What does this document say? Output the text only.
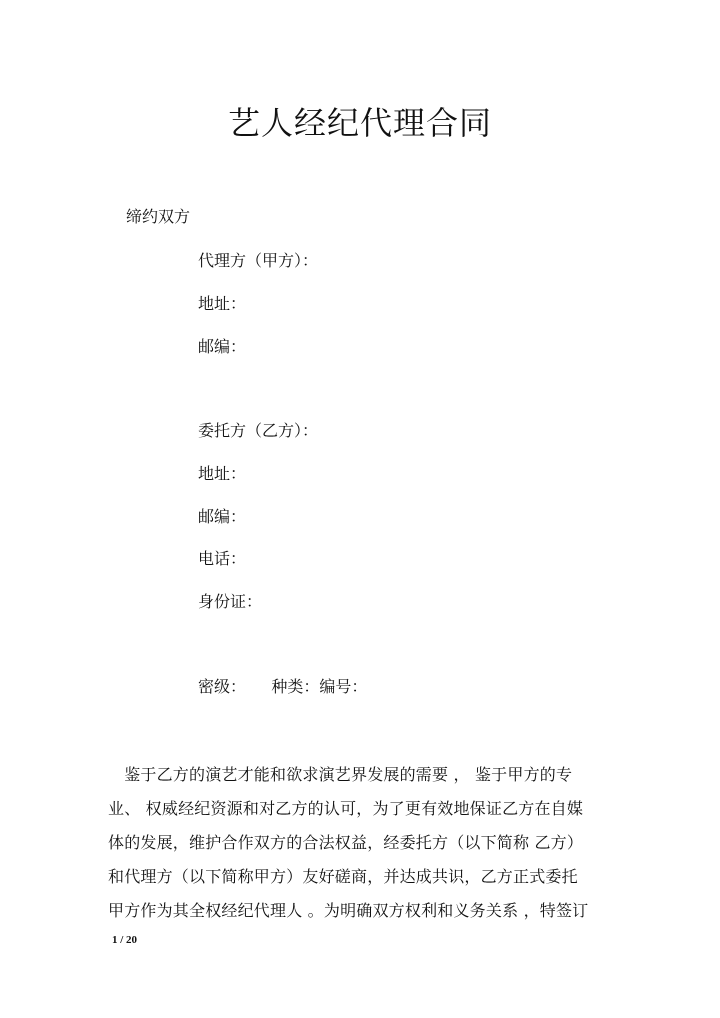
艺人经纪代理合同
缔约双方
代理方（甲方）：
地址：
邮编：
委托方（乙方）：
地址：
邮编：
电话：
身份证：
密级：     种类：编号：
　鉴于乙方的演艺才能和欲求演艺界发展的需要 ， 鉴于甲方的专
业、 权威经纪资源和对乙方的认可，为了更有效地保证乙方在自媒
体的发展，维护合作双方的合法权益，经委托方（以下简称 乙方）
和代理方（以下简称甲方）友好磋商，并达成共识，乙方正式委托
甲方作为其全权经纪代理人 。为明确双方权利和义务关系 ，特签订
1 / 20
